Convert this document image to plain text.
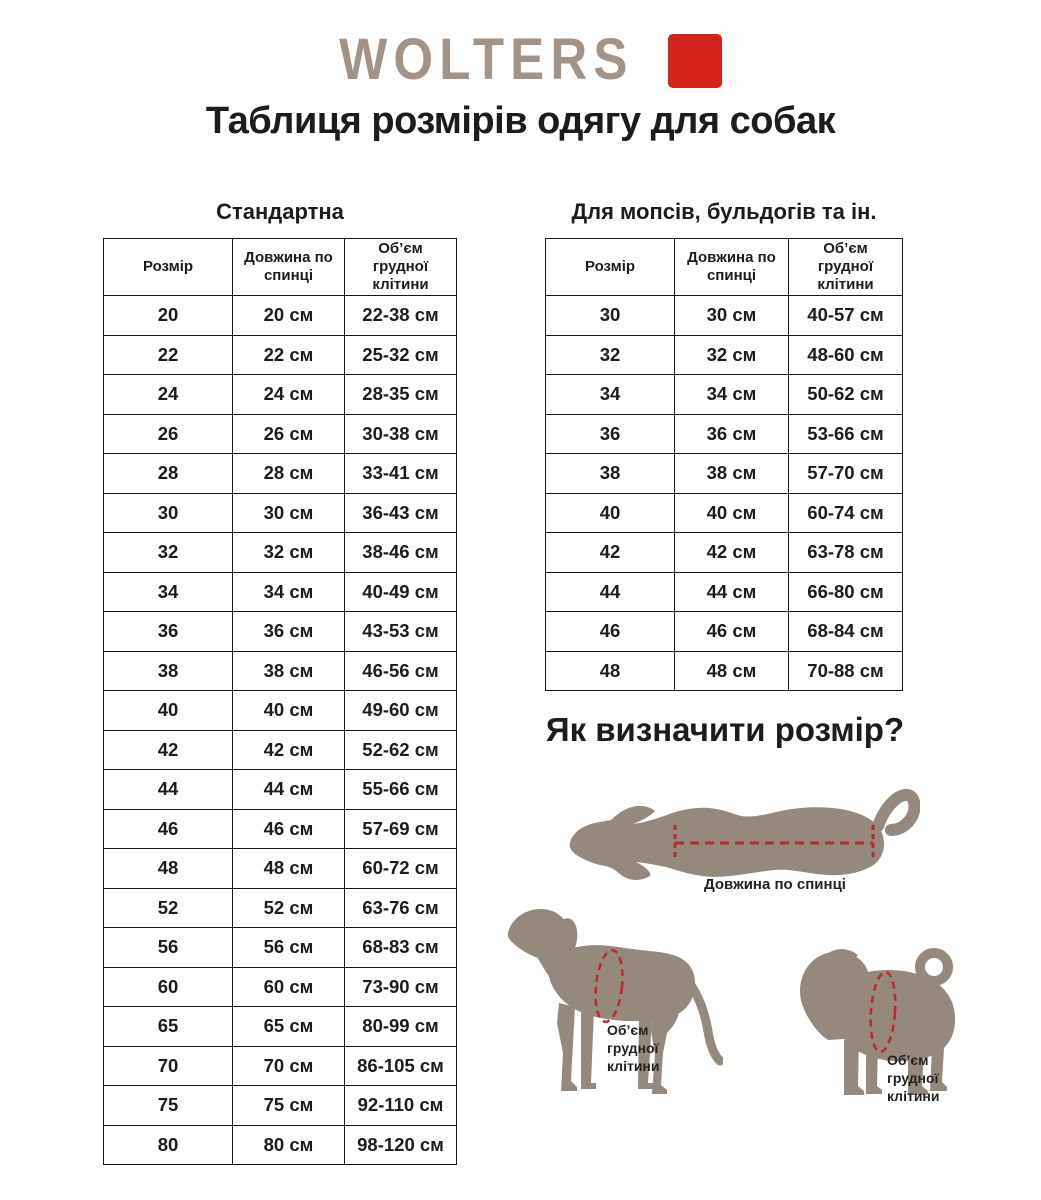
WOLTERS
Таблиця розмірів одягу для собак
Стандартна
Розмір	Довжина по спинці	Об’єм грудної клітини
20	20 см	22-38 см
22	22 см	25-32 см
24	24 см	28-35 см
26	26 см	30-38 см
28	28 см	33-41 см
30	30 см	36-43 см
32	32 см	38-46 см
34	34 см	40-49 см
36	36 см	43-53 см
38	38 см	46-56 см
40	40 см	49-60 см
42	42 см	52-62 см
44	44 см	55-66 см
46	46 см	57-69 см
48	48 см	60-72 см
52	52 см	63-76 см
56	56 см	68-83 см
60	60 см	73-90 см
65	65 см	80-99 см
70	70 см	86-105 см
75	75 см	92-110 см
80	80 см	98-120 см
Для мопсів, бульдогів та ін.
Розмір	Довжина по спинці	Об’єм грудної клітини
30	30 см	40-57 см
32	32 см	48-60 см
34	34 см	50-62 см
36	36 см	53-66 см
38	38 см	57-70 см
40	40 см	60-74 см
42	42 см	63-78 см
44	44 см	66-80 см
46	46 см	68-84 см
48	48 см	70-88 см
Як визначити розмір?
Довжина по спинці
Об’єм
грудної
клітини	Об’єм
грудної
клітини
